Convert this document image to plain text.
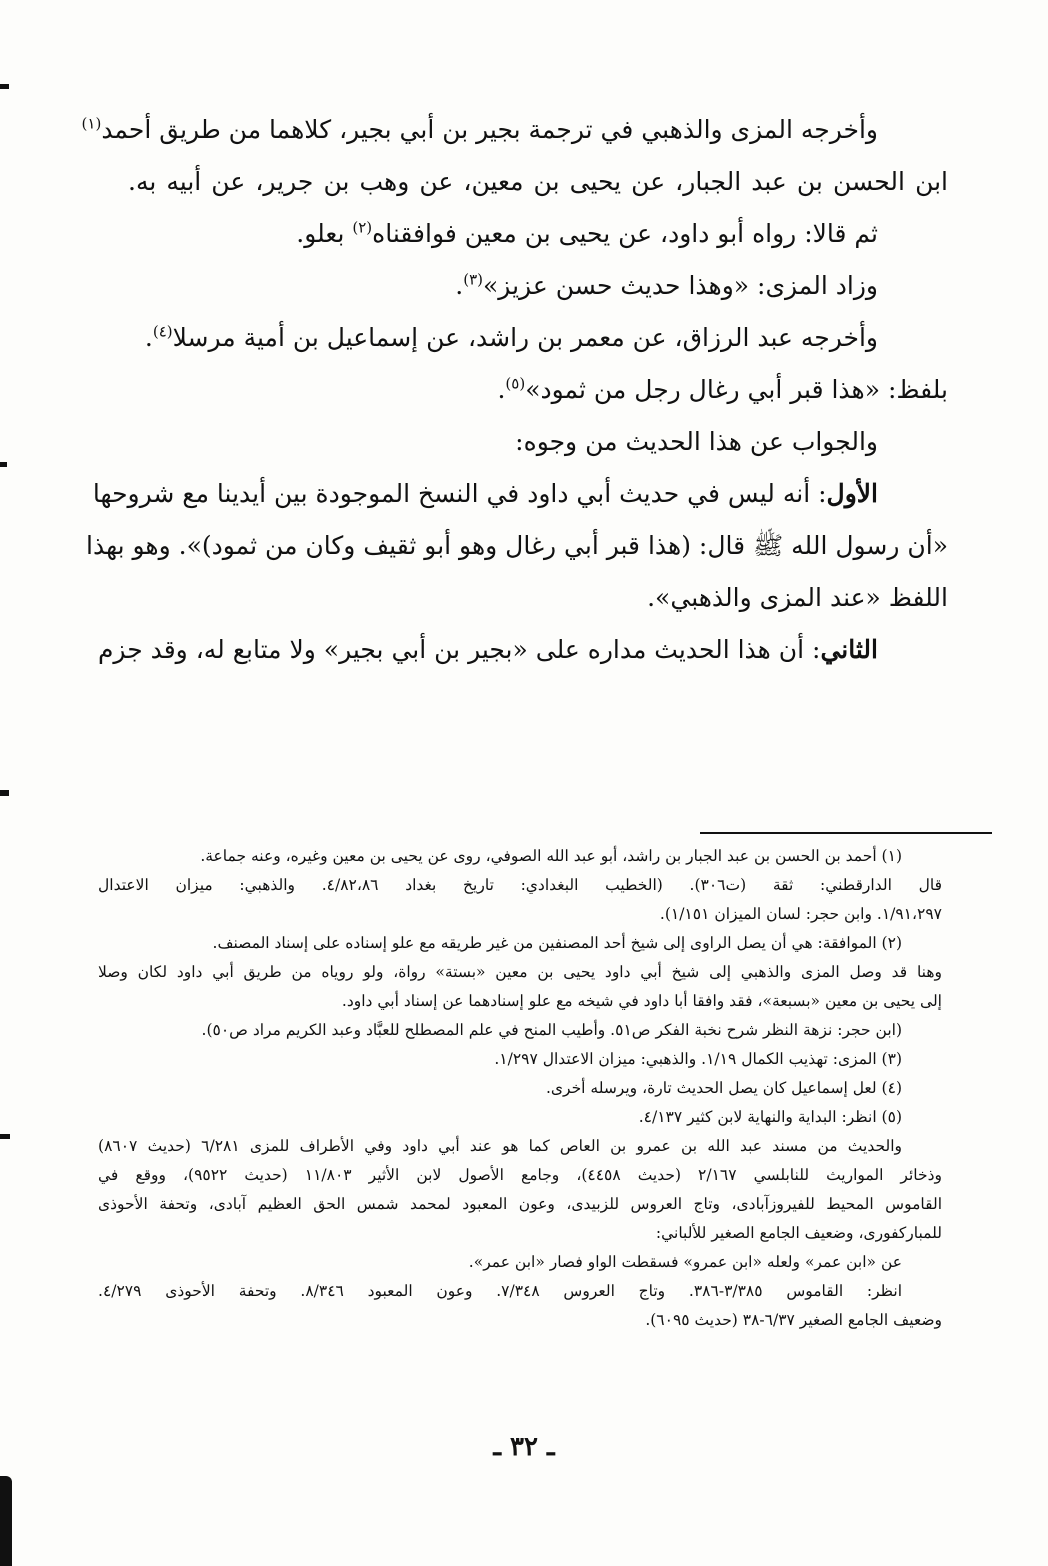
وأخرجه المزى والذهبي في ترجمة بجير بن أبي بجير، كلاهما من طريق أحمد$^{(١)}$

ابن الحسن بن عبد الجبار، عن يحيى بن معين، عن وهب بن جرير، عن أبيه به.

ثم قالا: رواه أبو داود، عن يحيى بن معين فوافقناه$^{(٢)}$ بعلو.

وزاد المزى: «وهذا حديث حسن عزيز»$^{(٣)}$.

وأخرجه عبد الرزاق، عن معمر بن راشد، عن إسماعيل بن أمية مرسلا$^{(٤)}$.

بلفظ: «هذا قبر أبي رغال رجل من ثمود»$^{(٥)}$.

والجواب عن هذا الحديث من وجوه:

الأول: أنه ليس في حديث أبي داود في النسخ الموجودة بين أيدينا مع شروحها

«أن رسول الله ﷺ قال: (هذا قبر أبي رغال وهو أبو ثقيف وكان من ثمود)». وهو بهذا

اللفظ «عند المزى والذهبي».

الثاني: أن هذا الحديث مداره على «بجير بن أبي بجير» ولا متابع له، وقد جزم

(١) أحمد بن الحسن بن عبد الجبار بن راشد، أبو عبد الله الصوفي، روى عن يحيى بن معين وغيره، وعنه جماعة.

قال الدارقطني: ثقة (ت٣٠٦). (الخطيب البغدادي: تاريخ بغداد ٤/٨٢،٨٦. والذهبي: ميزان الاعتدال

١/٩١،٢٩٧. وابن حجر: لسان الميزان ١/١٥١).

(٢) الموافقة: هي أن يصل الراوى إلى شيخ أحد المصنفين من غير طريقه مع علو إسناده على إسناد المصنف.

وهنا قد وصل المزى والذهبي إلى شيخ أبي داود يحيى بن معين «بستة» رواة، ولو روياه من طريق أبي داود لكان وصلا

إلى يحيى بن معين «بسبعة»، فقد وافقا أبا داود في شيخه مع علو إسنادهما عن إسناد أبي داود.

(ابن حجر: نزهة النظر شرح نخبة الفكر ص٥١. وأطيب المنح في علم المصطلح للعبَّاد وعبد الكريم مراد ص٥٠).

(٣) المزى: تهذيب الكمال ١/١٩. والذهبي: ميزان الاعتدال ١/٢٩٧.

(٤) لعل إسماعيل كان يصل الحديث تارة، ويرسله أخرى.

(٥) انظر: البداية والنهاية لابن كثير ٤/١٣٧.

والحديث من مسند عبد الله بن عمرو بن العاص كما هو عند أبي داود وفي الأطراف للمزى ٦/٢٨١ (حديث ٨٦٠٧)

وذخائر المواريث للنابلسي ٢/١٦٧ (حديث ٤٤٥٨)، وجامع الأصول لابن الأثير ١١/٨٠٣ (حديث ٩٥٢٢)، ووقع في

القاموس المحيط للفيروزآبادى، وتاج العروس للزبيدى، وعون المعبود لمحمد شمس الحق العظيم آبادى، وتحفة الأحوذى

للمباركفورى، وضعيف الجامع الصغير للألباني:

عن «ابن عمر» ولعله «ابن عمرو» فسقطت الواو فصار «ابن عمر».

انظر: القاموس ٣/٣٨٥-٣٨٦. وتاج العروس ٧/٣٤٨. وعون المعبود ٨/٣٤٦. وتحفة الأحوذى ٤/٢٧٩.

وضعيف الجامع الصغير ٦/٣٧-٣٨ (حديث ٦٠٩٥).

ـ ٣٢ ـ
